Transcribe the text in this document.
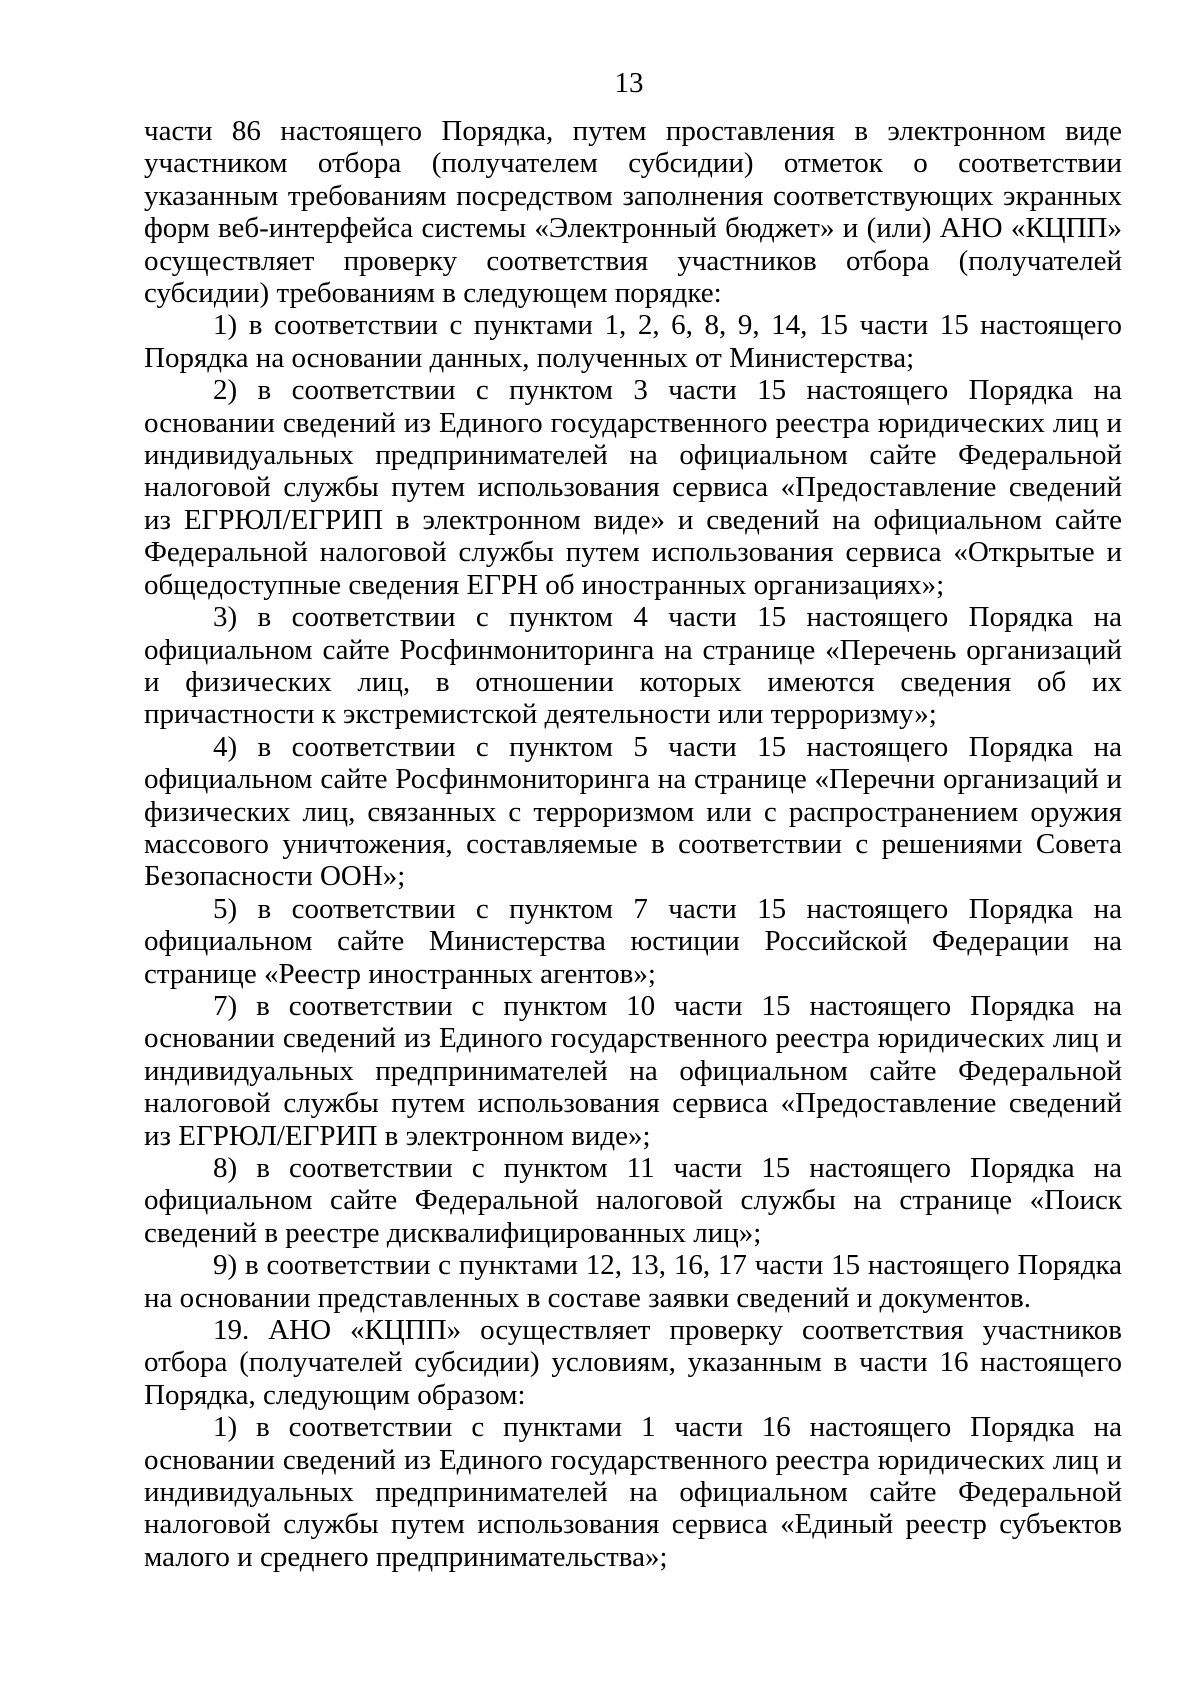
13

части 86 настоящего Порядка, путем проставления в электронном виде участником отбора (получателем субсидии) отметок о соответствии указанным требованиям посредством заполнения соответствующих экранных форм веб-интерфейса системы «Электронный бюджет» и (или) АНО «КЦПП» осуществляет проверку соответствия участников отбора (получателей субсидии) требованиям в следующем порядке:

1) в соответствии с пунктами 1, 2, 6, 8, 9, 14, 15 части 15 настоящего Порядка на основании данных, полученных от Министерства;

2) в соответствии с пунктом 3 части 15 настоящего Порядка на основании сведений из Единого государственного реестра юридических лиц и индивидуальных предпринимателей на официальном сайте Федеральной налоговой службы путем использования сервиса «Предоставление сведений из ЕГРЮЛ/ЕГРИП в электронном виде» и сведений на официальном сайте Федеральной налоговой службы путем использования сервиса «Открытые и общедоступные сведения ЕГРН об иностранных организациях»;

3) в соответствии с пунктом 4 части 15 настоящего Порядка на официальном сайте Росфинмониторинга на странице «Перечень организаций и физических лиц, в отношении которых имеются сведения об их причастности к экстремистской деятельности или терроризму»;

4) в соответствии с пунктом 5 части 15 настоящего Порядка на официальном сайте Росфинмониторинга на странице «Перечни организаций и физических лиц, связанных с терроризмом или с распространением оружия массового уничтожения, составляемые в соответствии с решениями Совета Безопасности ООН»;

5) в соответствии с пунктом 7 части 15 настоящего Порядка на официальном сайте Министерства юстиции Российской Федерации на странице «Реестр иностранных агентов»;

7) в соответствии с пунктом 10 части 15 настоящего Порядка на основании сведений из Единого государственного реестра юридических лиц и индивидуальных предпринимателей на официальном сайте Федеральной налоговой службы путем использования сервиса «Предоставление сведений из ЕГРЮЛ/ЕГРИП в электронном виде»;

8) в соответствии с пунктом 11 части 15 настоящего Порядка на официальном сайте Федеральной налоговой службы на странице «Поиск сведений в реестре дисквалифицированных лиц»;

9) в соответствии с пунктами 12, 13, 16, 17 части 15 настоящего Порядка на основании представленных в составе заявки сведений и документов.

19. АНО «КЦПП» осуществляет проверку соответствия участников отбора (получателей субсидии) условиям, указанным в части 16 настоящего Порядка, следующим образом:

1) в соответствии с пунктами 1 части 16 настоящего Порядка на основании сведений из Единого государственного реестра юридических лиц и индивидуальных предпринимателей на официальном сайте Федеральной налоговой службы путем использования сервиса «Единый реестр субъектов малого и среднего предпринимательства»;
